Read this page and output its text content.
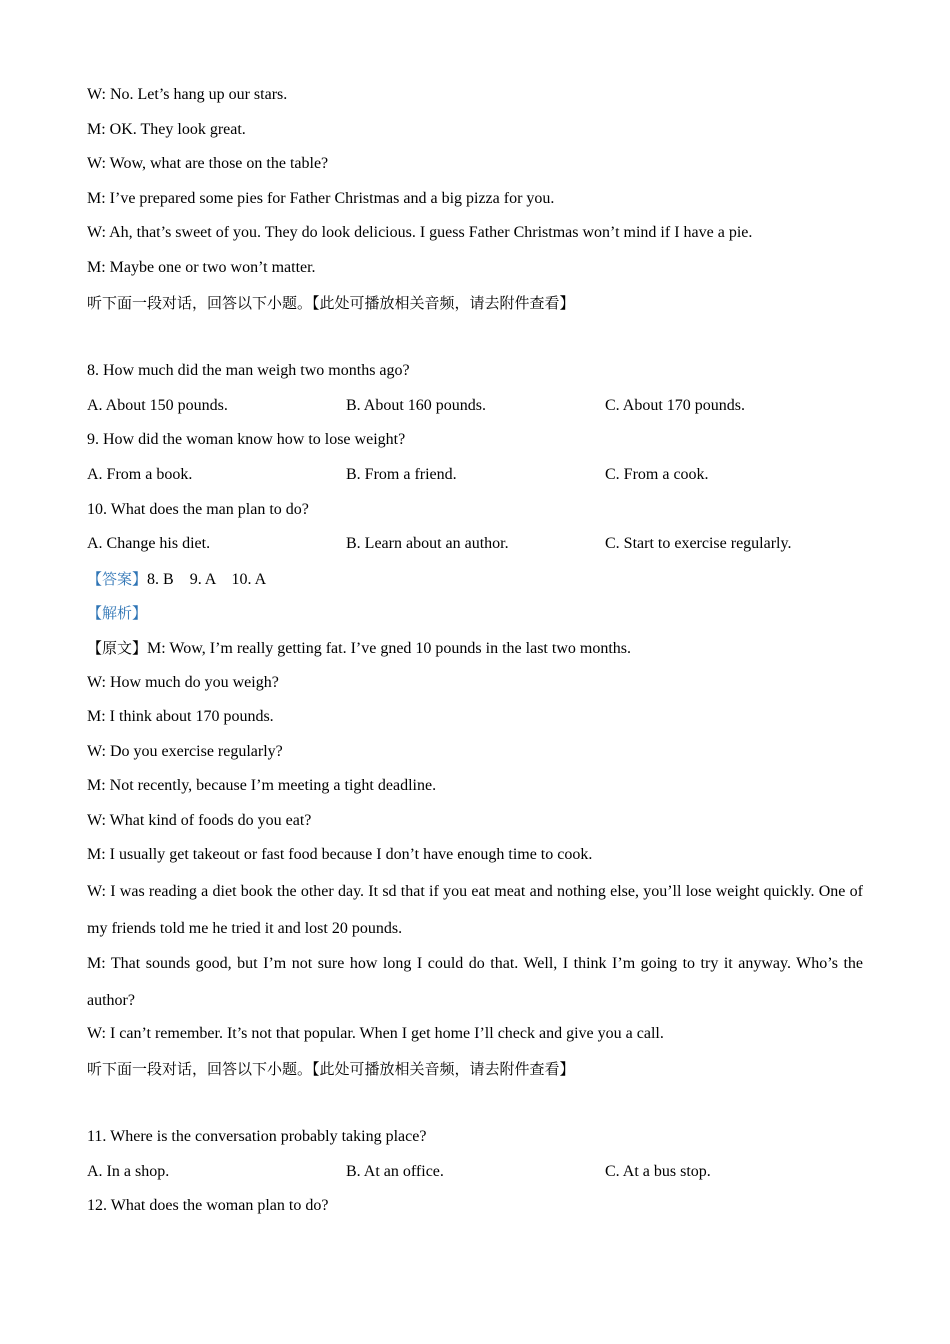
W: No. Let’s hang up our stars.
M: OK. They look great.
W: Wow, what are those on the table?
M: I’ve prepared some pies for Father Christmas and a big pizza for you.
W: Ah, that’s sweet of you. They do look delicious. I guess Father Christmas won’t mind if I have a pie.
M: Maybe one or two won’t matter.
听下面一段对话，回答以下小题。【此处可播放相关音频，请去附件查看】
8. How much did the man weigh two months ago?
A. About 150 pounds.	B. About 160 pounds.	C. About 170 pounds.
9. How did the woman know how to lose weight?
A. From a book.	B. From a friend.	C. From a cook.
10. What does the man plan to do?
A. Change his diet.	B. Learn about an author.	C. Start to exercise regularly.
【答案】8. B    9. A    10. A
【解析】
【原文】M: Wow, I’m really getting fat. I’ve gned 10 pounds in the last two months.
W: How much do you weigh?
M: I think about 170 pounds.
W: Do you exercise regularly?
M: Not recently, because I’m meeting a tight deadline.
W: What kind of foods do you eat?
M: I usually get takeout or fast food because I don’t have enough time to cook.
W: I was reading a diet book the other day. It sd that if you eat meat and nothing else, you’ll lose weight quickly. One of my friends told me he tried it and lost 20 pounds.
M: That sounds good, but I’m not sure how long I could do that. Well, I think I’m going to try it anyway. Who’s the author?
W: I can’t remember. It’s not that popular. When I get home I’ll check and give you a call.
听下面一段对话，回答以下小题。【此处可播放相关音频，请去附件查看】
11. Where is the conversation probably taking place?
A. In a shop.	B. At an office.	C. At a bus stop.
12. What does the woman plan to do?
